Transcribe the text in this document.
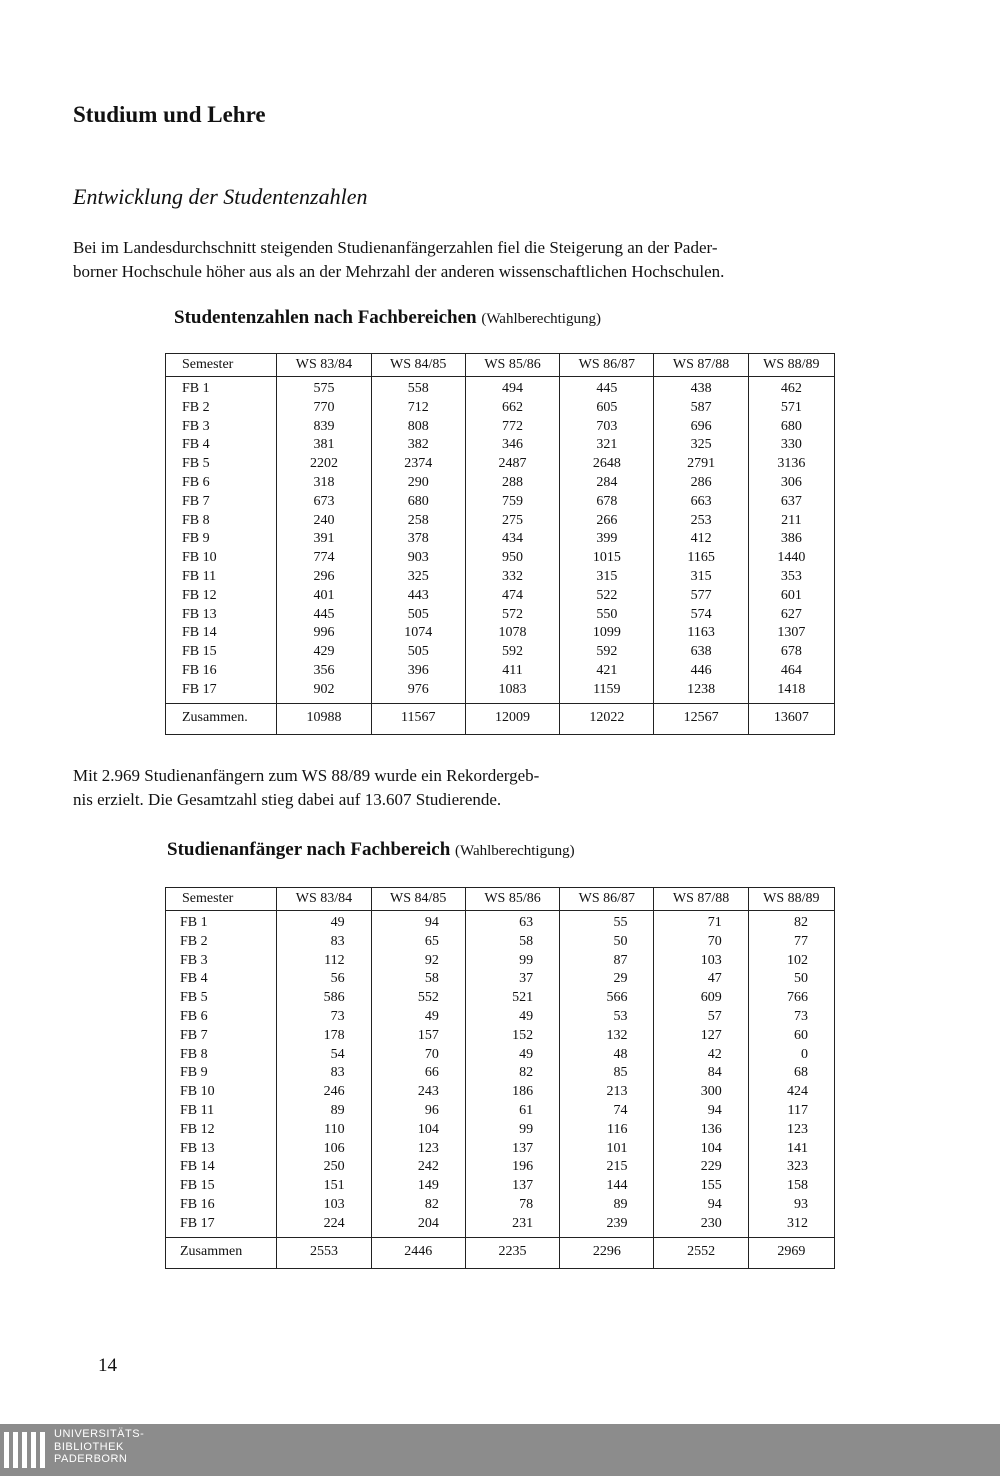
Studium und Lehre
Entwicklung der Studentenzahlen

Bei im Landesdurchschnitt steigenden Studienanfängerzahlen fiel die Steigerung an der Pader-
borner Hochschule höher aus als an der Mehrzahl der anderen wissenschaftlichen Hochschulen.

Studentenzahlen nach Fachbereichen (Wahlberechtigung)

Semester	WS 83/84	WS 84/85	WS 85/86	WS 86/87	WS 87/88	WS 88/89
FB 1	575	558	494	445	438	462
FB 2	770	712	662	605	587	571
FB 3	839	808	772	703	696	680
FB 4	381	382	346	321	325	330
FB 5	2202	2374	2487	2648	2791	3136
FB 6	318	290	288	284	286	306
FB 7	673	680	759	678	663	637
FB 8	240	258	275	266	253	211
FB 9	391	378	434	399	412	386
FB 10	774	903	950	1015	1165	1440
FB 11	296	325	332	315	315	353
FB 12	401	443	474	522	577	601
FB 13	445	505	572	550	574	627
FB 14	996	1074	1078	1099	1163	1307
FB 15	429	505	592	592	638	678
FB 16	356	396	411	421	446	464
FB 17	902	976	1083	1159	1238	1418
Zusammen.	10988	11567	12009	12022	12567	13607

Mit 2.969 Studienanfängern zum WS 88/89 wurde ein Rekordergeb-
nis erzielt. Die Gesamtzahl stieg dabei auf 13.607 Studierende.

Studienanfänger nach Fachbereich (Wahlberechtigung)

Semester	WS 83/84	WS 84/85	WS 85/86	WS 86/87	WS 87/88	WS 88/89
FB 1	49	94	63	55	71	82
FB 2	83	65	58	50	70	77
FB 3	112	92	99	87	103	102
FB 4	56	58	37	29	47	50
FB 5	586	552	521	566	609	766
FB 6	73	49	49	53	57	73
FB 7	178	157	152	132	127	60
FB 8	54	70	49	48	42	0
FB 9	83	66	82	85	84	68
FB 10	246	243	186	213	300	424
FB 11	89	96	61	74	94	117
FB 12	110	104	99	116	136	123
FB 13	106	123	137	101	104	141
FB 14	250	242	196	215	229	323
FB 15	151	149	137	144	155	158
FB 16	103	82	78	89	94	93
FB 17	224	204	231	239	230	312
Zusammen	2553	2446	2235	2296	2552	2969
14
UNIVERSITÄTS-
BIBLIOTHEK
PADERBORN
